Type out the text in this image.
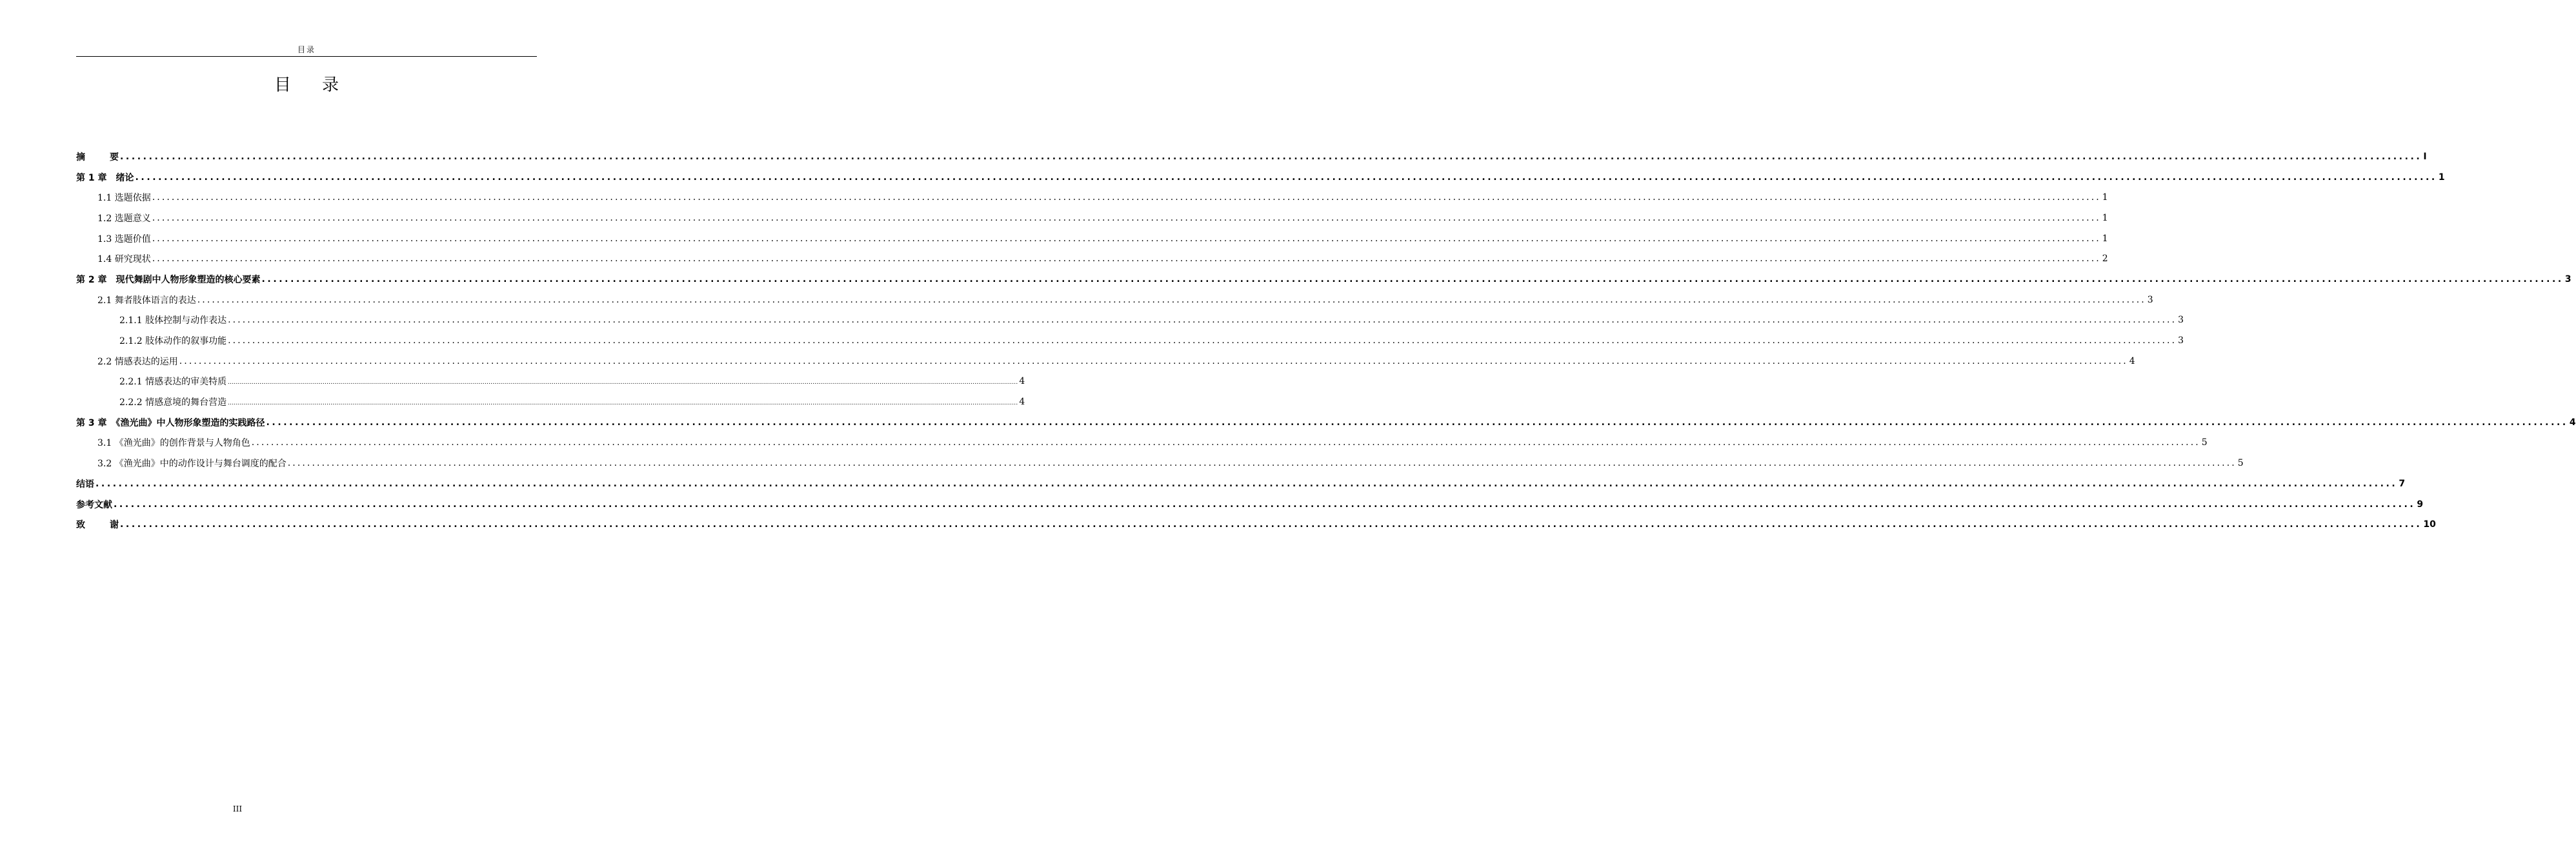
目录
目 录
摘	要 ................................................................................................................................................................................................................................................................................................................................................................................................................ I
第 1 章　绪论 ................................................................................................................................................................................................................................................................................................................................................................................................................ 1
1.1 选题依据 ................................................................................................................................................................................................................................................................................................................................................................................................................ 1
1.2 选题意义 ................................................................................................................................................................................................................................................................................................................................................................................................................ 1
1.3 选题价值 ................................................................................................................................................................................................................................................................................................................................................................................................................ 1
1.4 研究现状 ................................................................................................................................................................................................................................................................................................................................................................................................................ 2
第 2 章　现代舞剧中人物形象塑造的核心要素 ................................................................................................................................................................................................................................................................................................................................................................................................................ 3
2.1 舞者肢体语言的表达 ................................................................................................................................................................................................................................................................................................................................................................................................................ 3
2.1.1 肢体控制与动作表达 ................................................................................................................................................................................................................................................................................................................................................................................................................ 3
2.1.2 肢体动作的叙事功能 ................................................................................................................................................................................................................................................................................................................................................................................................................ 3
2.2 情感表达的运用 ................................................................................................................................................................................................................................................................................................................................................................................................................ 4
2.2.1 情感表达的审美特质 ................................................................................................................................................................................................................................................................................................................................................................................................................ 4
2.2.2 情感意境的舞台营造 ................................................................................................................................................................................................................................................................................................................................................................................................................ 4
第 3 章　《渔光曲》中人物形象塑造的实践路径 ................................................................................................................................................................................................................................................................................................................................................................................................................ 4
3.1 《渔光曲》的创作背景与人物角色 ................................................................................................................................................................................................................................................................................................................................................................................................................ 5
3.2 《渔光曲》中的动作设计与舞台调度的配合 ................................................................................................................................................................................................................................................................................................................................................................................................................ 5
结语 ................................................................................................................................................................................................................................................................................................................................................................................................................ 7
参考文献 ................................................................................................................................................................................................................................................................................................................................................................................................................ 9
致	谢 ................................................................................................................................................................................................................................................................................................................................................................................................................ 10
III
